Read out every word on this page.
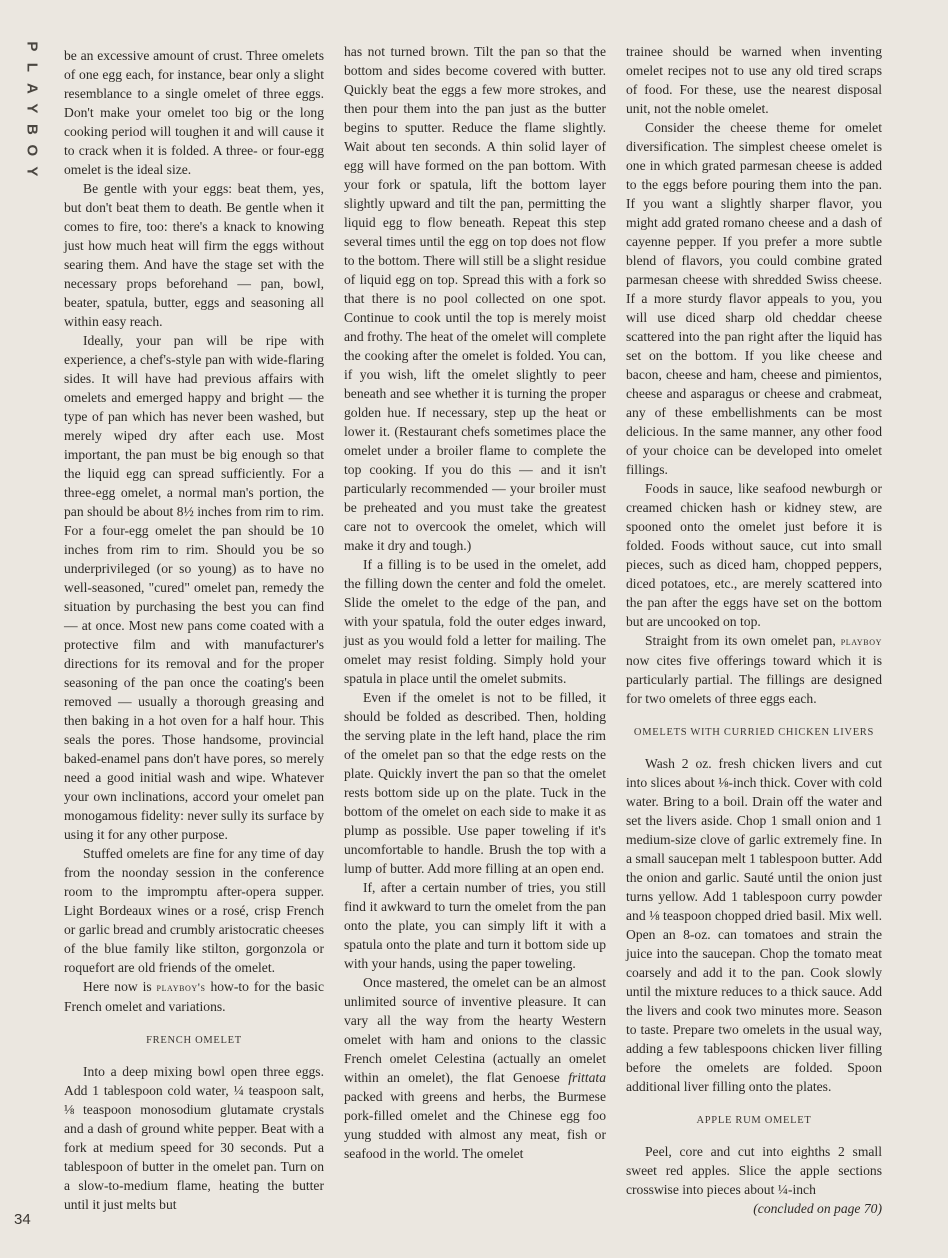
P
L
A
Y
B
O
Y
34

be an excessive amount of crust. Three omelets of one egg each, for instance, bear only a slight resemblance to a single omelet of three eggs. Don't make your omelet too big or the long cooking period will toughen it and will cause it to crack when it is folded. A three- or four-egg omelet is the ideal size.

Be gentle with your eggs: beat them, yes, but don't beat them to death. Be gentle when it comes to fire, too: there's a knack to knowing just how much heat will firm the eggs without searing them. And have the stage set with the necessary props beforehand — pan, bowl, beater, spatula, butter, eggs and seasoning all within easy reach.

Ideally, your pan will be ripe with experience, a chef's-style pan with wide-flaring sides. It will have had previous affairs with omelets and emerged happy and bright — the type of pan which has never been washed, but merely wiped dry after each use. Most important, the pan must be big enough so that the liquid egg can spread sufficiently. For a three-egg omelet, a normal man's portion, the pan should be about 8½ inches from rim to rim. For a four-egg omelet the pan should be 10 inches from rim to rim. Should you be so underprivileged (or so young) as to have no well-seasoned, "cured" omelet pan, remedy the situation by purchasing the best you can find — at once. Most new pans come coated with a protective film and with manufacturer's directions for its removal and for the proper seasoning of the pan once the coating's been removed — usually a thorough greasing and then baking in a hot oven for a half hour. This seals the pores. Those handsome, provincial baked-enamel pans don't have pores, so merely need a good initial wash and wipe. Whatever your own inclinations, accord your omelet pan monogamous fidelity: never sully its surface by using it for any other purpose.

Stuffed omelets are fine for any time of day from the noonday session in the conference room to the impromptu after-opera supper. Light Bordeaux wines or a rosé, crisp French or garlic bread and crumbly aristocratic cheeses of the blue family like stilton, gorgonzola or roquefort are old friends of the omelet.

Here now is playboy's how-to for the basic French omelet and variations.

FRENCH OMELET

Into a deep mixing bowl open three eggs. Add 1 tablespoon cold water, ¼ teaspoon salt, ⅛ teaspoon monosodium glutamate crystals and a dash of ground white pepper. Beat with a fork at medium speed for 30 seconds. Put a tablespoon of butter in the omelet pan. Turn on a slow-to-medium flame, heating the butter until it just melts but

has not turned brown. Tilt the pan so that the bottom and sides become covered with butter. Quickly beat the eggs a few more strokes, and then pour them into the pan just as the butter begins to sputter. Reduce the flame slightly. Wait about ten seconds. A thin solid layer of egg will have formed on the pan bottom. With your fork or spatula, lift the bottom layer slightly upward and tilt the pan, permitting the liquid egg to flow beneath. Repeat this step several times until the egg on top does not flow to the bottom. There will still be a slight residue of liquid egg on top. Spread this with a fork so that there is no pool collected on one spot. Continue to cook until the top is merely moist and frothy. The heat of the omelet will complete the cooking after the omelet is folded. You can, if you wish, lift the omelet slightly to peer beneath and see whether it is turning the proper golden hue. If necessary, step up the heat or lower it. (Restaurant chefs sometimes place the omelet under a broiler flame to complete the top cooking. If you do this — and it isn't particularly recommended — your broiler must be preheated and you must take the greatest care not to overcook the omelet, which will make it dry and tough.)

If a filling is to be used in the omelet, add the filling down the center and fold the omelet. Slide the omelet to the edge of the pan, and with your spatula, fold the outer edges inward, just as you would fold a letter for mailing. The omelet may resist folding. Simply hold your spatula in place until the omelet submits.

Even if the omelet is not to be filled, it should be folded as described. Then, holding the serving plate in the left hand, place the rim of the omelet pan so that the edge rests on the plate. Quickly invert the pan so that the omelet rests bottom side up on the plate. Tuck in the bottom of the omelet on each side to make it as plump as possible. Use paper toweling if it's uncomfortable to handle. Brush the top with a lump of butter. Add more filling at an open end.

If, after a certain number of tries, you still find it awkward to turn the omelet from the pan onto the plate, you can simply lift it with a spatula onto the plate and turn it bottom side up with your hands, using the paper toweling.

Once mastered, the omelet can be an almost unlimited source of inventive pleasure. It can vary all the way from the hearty Western omelet with ham and onions to the classic French omelet Celestina (actually an omelet within an omelet), the flat Genoese frittata packed with greens and herbs, the Burmese pork-filled omelet and the Chinese egg foo yung studded with almost any meat, fish or seafood in the world. The omelet

trainee should be warned when inventing omelet recipes not to use any old tired scraps of food. For these, use the nearest disposal unit, not the noble omelet.

Consider the cheese theme for omelet diversification. The simplest cheese omelet is one in which grated parmesan cheese is added to the eggs before pouring them into the pan. If you want a slightly sharper flavor, you might add grated romano cheese and a dash of cayenne pepper. If you prefer a more subtle blend of flavors, you could combine grated parmesan cheese with shredded Swiss cheese. If a more sturdy flavor appeals to you, you will use diced sharp old cheddar cheese scattered into the pan right after the liquid has set on the bottom. If you like cheese and bacon, cheese and ham, cheese and pimientos, cheese and asparagus or cheese and crabmeat, any of these embellishments can be most delicious. In the same manner, any other food of your choice can be developed into omelet fillings.

Foods in sauce, like seafood newburgh or creamed chicken hash or kidney stew, are spooned onto the omelet just before it is folded. Foods without sauce, cut into small pieces, such as diced ham, chopped peppers, diced potatoes, etc., are merely scattered into the pan after the eggs have set on the bottom but are uncooked on top.

Straight from its own omelet pan, playboy now cites five offerings toward which it is particularly partial. The fillings are designed for two omelets of three eggs each.

OMELETS WITH CURRIED CHICKEN LIVERS

Wash 2 oz. fresh chicken livers and cut into slices about ⅛-inch thick. Cover with cold water. Bring to a boil. Drain off the water and set the livers aside. Chop 1 small onion and 1 medium-size clove of garlic extremely fine. In a small saucepan melt 1 tablespoon butter. Add the onion and garlic. Sauté until the onion just turns yellow. Add 1 tablespoon curry powder and ⅛ teaspoon chopped dried basil. Mix well. Open an 8-oz. can tomatoes and strain the juice into the saucepan. Chop the tomato meat coarsely and add it to the pan. Cook slowly until the mixture reduces to a thick sauce. Add the livers and cook two minutes more. Season to taste. Prepare two omelets in the usual way, adding a few tablespoons chicken liver filling before the omelets are folded. Spoon additional liver filling onto the plates.

APPLE RUM OMELET

Peel, core and cut into eighths 2 small sweet red apples. Slice the apple sections crosswise into pieces about ¼-inch

(concluded on page 70)
